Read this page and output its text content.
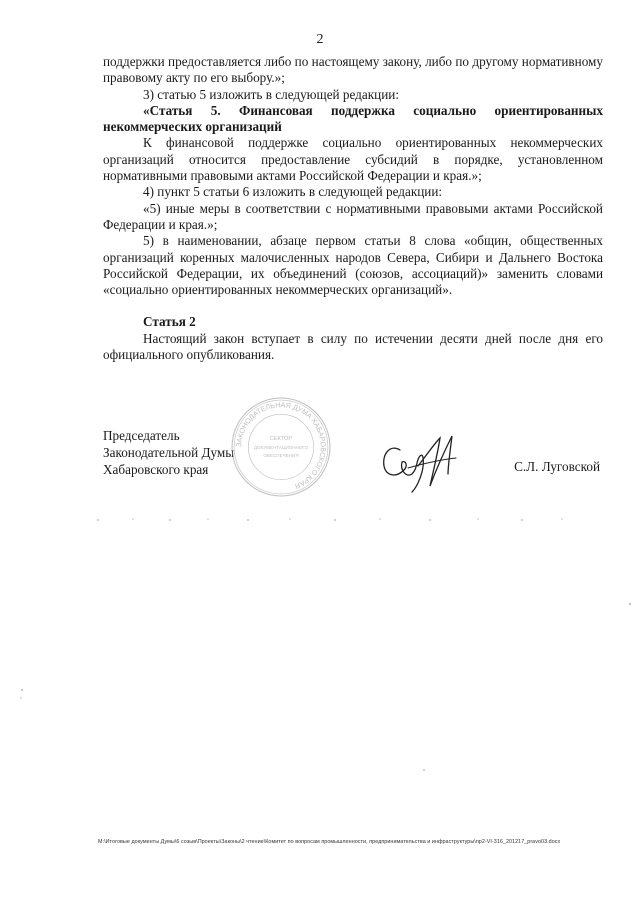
2

поддержки предоставляется либо по настоящему закону, либо по другому нормативному правовому акту по его выбору.»;

3) статью 5 изложить в следующей редакции:

«Статья 5. Финансовая поддержка социально ориентированных некоммерческих организаций

К финансовой поддержке социально ориентированных некоммерческих организаций относится предоставление субсидий в порядке, установленном нормативными правовыми актами Российской Федерации и края.»;

4) пункт 5 статьи 6 изложить в следующей редакции:

«5) иные меры в соответствии с нормативными правовыми актами Российской Федерации и края.»;

5) в наименовании, абзаце первом статьи 8 слова «общин, общественных организаций коренных малочисленных народов Севера, Сибири и Дальнего Востока Российской Федерации, их объединений (союзов, ассоциаций)» заменить словами «социально ориентированных некоммерческих организаций».

Статья 2

Настоящий закон вступает в силу по истечении десяти дней после дня его официального опубликования.

Председатель
Законодательной Думы
Хабаровского края
ЗАКОНОДАТЕЛЬНАЯ ДУМА ХАБАРОВСКОГО КРАЯ
СЕКТОР
ДОКУМЕНТАЦИОННОГО
ОБЕСПЕЧЕНИЯ
С.Л. Луговской
M:\Итоговые документы Думы\6 созыв\Проекты\Законы\2 чтение\Комитет по вопросам промышленности, предпринимательства и инфраструктуры\пр2-VI-316_201217_pravo03.docx
